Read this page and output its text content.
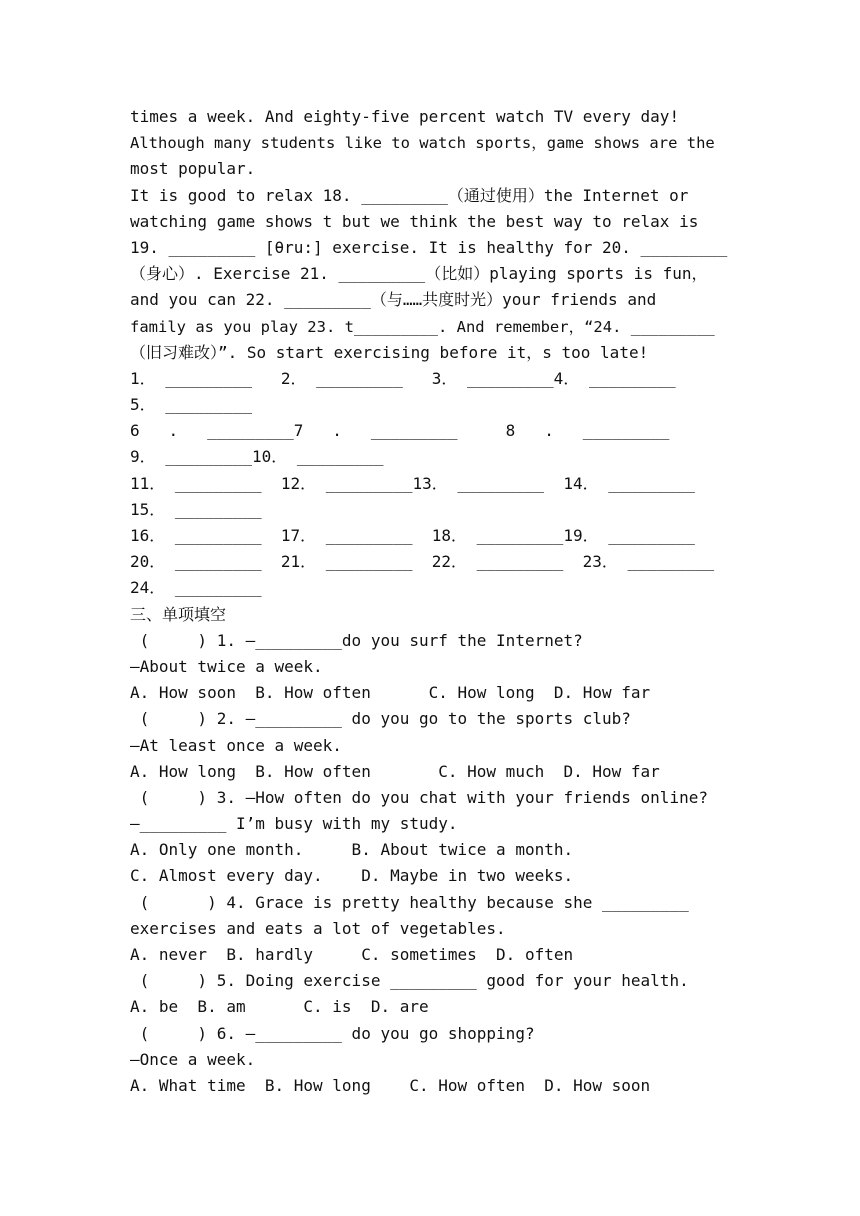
times a week. And eighty-five percent watch TV every day!
Although many students like to watch sports，game shows are the
most popular.
It is good to relax 18. _________（通过使用）the Internet or
watching game shows t but we think the best way to relax is
19. _________ [θru:] exercise. It is healthy for 20. _________
（身心）. Exercise 21. _________（比如）playing sports is fun，
and you can 22. _________（与……共度时光）your friends and
family as you play 23. t_________. And remember，“24. _________
（旧习难改）”. So start exercising before it，s too late!
1． _________   2． _________   3． _________4． _________
5． _________
6   .   _________7   .   _________     8   .   _________
9． _________10． _________
11． _________  12． _________13． _________  14． _________
15． _________
16． _________  17． _________  18． _________19． _________
20． _________  21． _________  22． _________  23． _________
24． _________
三、单项填空
(     ) 1. —_________do you surf the Internet?
—About twice a week.
A. How soon  B. How often      C. How long  D. How far
(     ) 2. —_________ do you go to the sports club?
—At least once a week.
A. How long  B. How often       C. How much  D. How far
(     ) 3. —How often do you chat with your friends online?
—_________ I’m busy with my study.
A. Only one month.     B. About twice a month.
C. Almost every day.    D. Maybe in two weeks.
(      ) 4. Grace is pretty healthy because she _________
exercises and eats a lot of vegetables.
A. never  B. hardly     C. sometimes  D. often
(     ) 5. Doing exercise _________ good for your health.
A. be  B. am      C. is  D. are
(     ) 6. —_________ do you go shopping?
—Once a week.
A. What time  B. How long    C. How often  D. How soon
